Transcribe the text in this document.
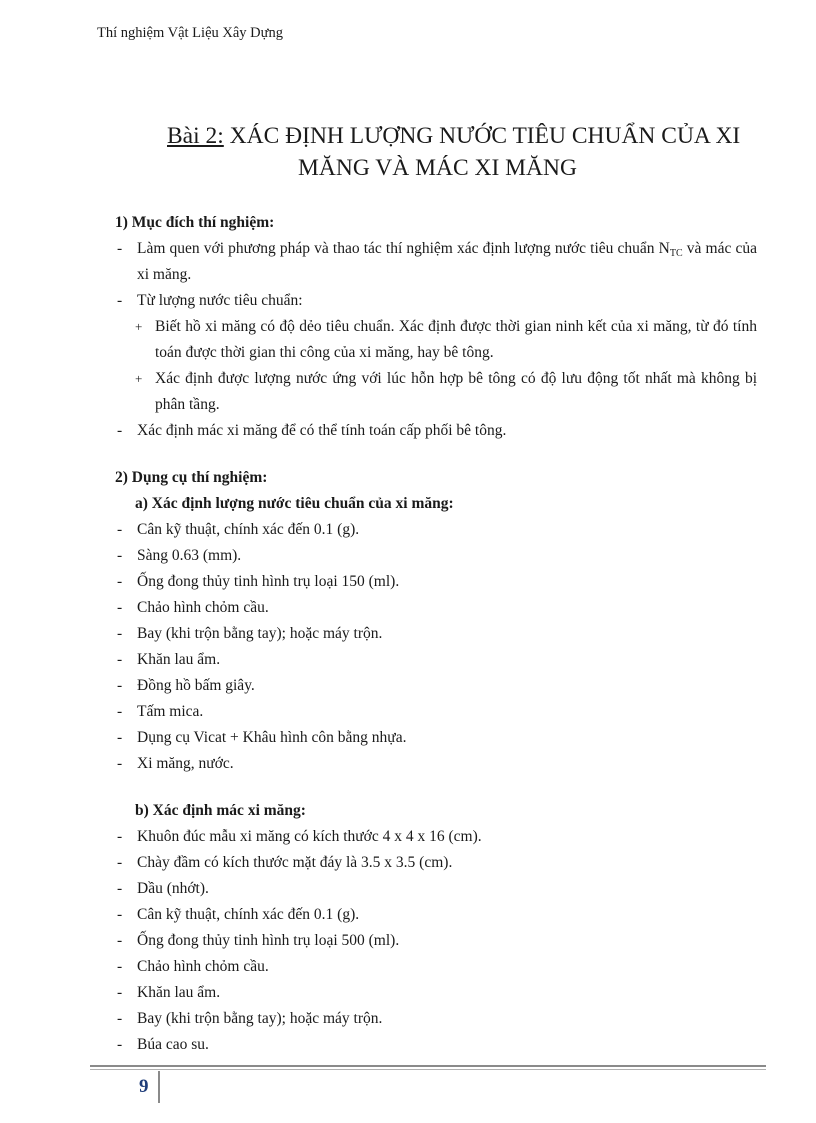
Thí nghiệm Vật Liệu Xây Dựng
Bài 2: XÁC ĐỊNH LƯỢNG NƯỚC TIÊU CHUẨN CỦA XI
MĂNG VÀ MÁC XI MĂNG
1) Mục đích thí nghiệm:
- Làm quen với phương pháp và thao tác thí nghiệm xác định lượng nước tiêu chuẩn $N_{TC}$ và mác của xi măng.
- Từ lượng nước tiêu chuẩn:
+ Biết hồ xi măng có độ dẻo tiêu chuẩn. Xác định được thời gian ninh kết của xi măng, từ đó tính toán được thời gian thi công của xi măng, hay bê tông.
+ Xác định được lượng nước ứng với lúc hỗn hợp bê tông có độ lưu động tốt nhất mà không bị phân tầng.
- Xác định mác xi măng để có thể tính toán cấp phối bê tông.
2) Dụng cụ thí nghiệm:
a) Xác định lượng nước tiêu chuẩn của xi măng:
- Cân kỹ thuật, chính xác đến 0.1 (g).
- Sàng 0.63 (mm).
- Ống đong thủy tinh hình trụ loại 150 (ml).
- Chảo hình chỏm cầu.
- Bay (khi trộn bằng tay); hoặc máy trộn.
- Khăn lau ẩm.
- Đồng hồ bấm giây.
- Tấm mica.
- Dụng cụ Vicat + Khâu hình côn bằng nhựa.
- Xi măng, nước.
b) Xác định mác xi măng:
- Khuôn đúc mẫu xi măng có kích thước 4 x 4 x 16 (cm).
- Chày đầm có kích thước mặt đáy là 3.5 x 3.5 (cm).
- Dầu (nhớt).
- Cân kỹ thuật, chính xác đến 0.1 (g).
- Ống đong thủy tinh hình trụ loại 500 (ml).
- Chảo hình chỏm cầu.
- Khăn lau ẩm.
- Bay (khi trộn bằng tay); hoặc máy trộn.
- Búa cao su.
9
